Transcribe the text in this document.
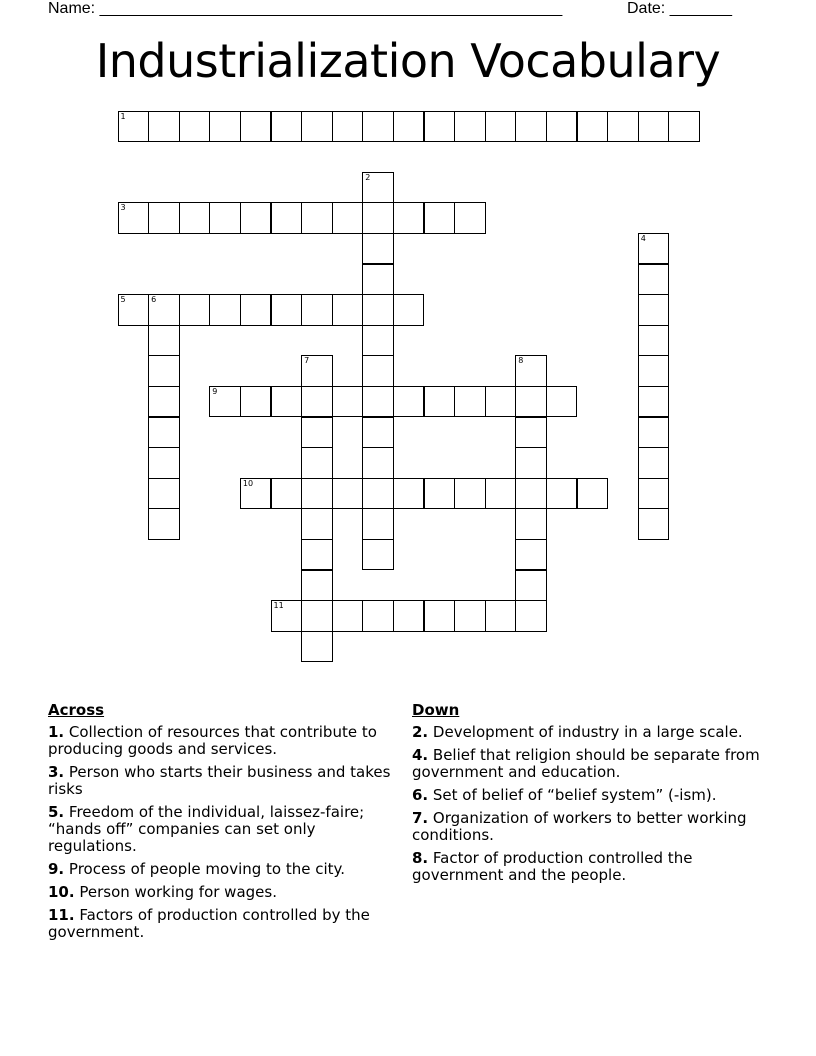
Name: ____________________________________________________	Date: _______
Industrialization Vocabulary
1
2
3
4
5	6
7	8
9
10
11
Across
1. Collection of resources that contribute to producing goods and services.
3. Person who starts their business and takes risks
5. Freedom of the individual, laissez-faire; “hands off” companies can set only regulations.
9. Process of people moving to the city.
10. Person working for wages.
11. Factors of production controlled by the government.
Down
2. Development of industry in a large scale.
4. Belief that religion should be separate from government and education.
6. Set of belief of “belief system” (-ism).
7. Organization of workers to better working conditions.
8. Factor of production controlled the government and the people.
